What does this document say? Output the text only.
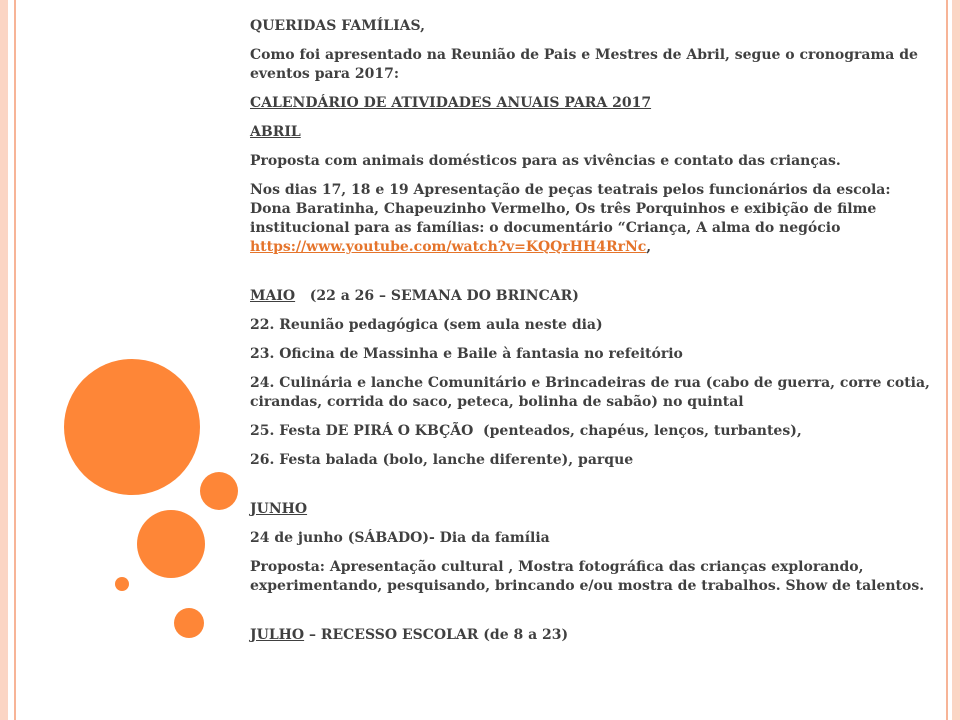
QUERIDAS FAMÍLIAS,

Como foi apresentado na Reunião de Pais e Mestres de Abril, segue o cronograma de eventos para 2017:

CALENDÁRIO DE ATIVIDADES ANUAIS PARA 2017

ABRIL

Proposta com animais domésticos para as vivências e contato das crianças.

Nos dias 17, 18 e 19 Apresentação de peças teatrais pelos funcionários da escola: Dona Baratinha, Chapeuzinho Vermelho, Os três Porquinhos e exibição de filme institucional para as famílias: o documentário “Criança, A alma do negócio https://www.youtube.com/watch?v=KQQrHH4RrNc,

MAIO   (22 a 26 – SEMANA DO BRINCAR)

22. Reunião pedagógica (sem aula neste dia)

23. Oficina de Massinha e Baile à fantasia no refeitório

24. Culinária e lanche Comunitário e Brincadeiras de rua (cabo de guerra, corre cotia, cirandas, corrida do saco, peteca, bolinha de sabão) no quintal

25. Festa DE PIRÁ O KBÇÃO  (penteados, chapéus, lenços, turbantes),

26. Festa balada (bolo, lanche diferente), parque

JUNHO

24 de junho (SÁBADO)- Dia da família

Proposta: Apresentação cultural , Mostra fotográfica das crianças explorando, experimentando, pesquisando, brincando e/ou mostra de trabalhos. Show de talentos.

JULHO – RECESSO ESCOLAR (de 8 a 23)
